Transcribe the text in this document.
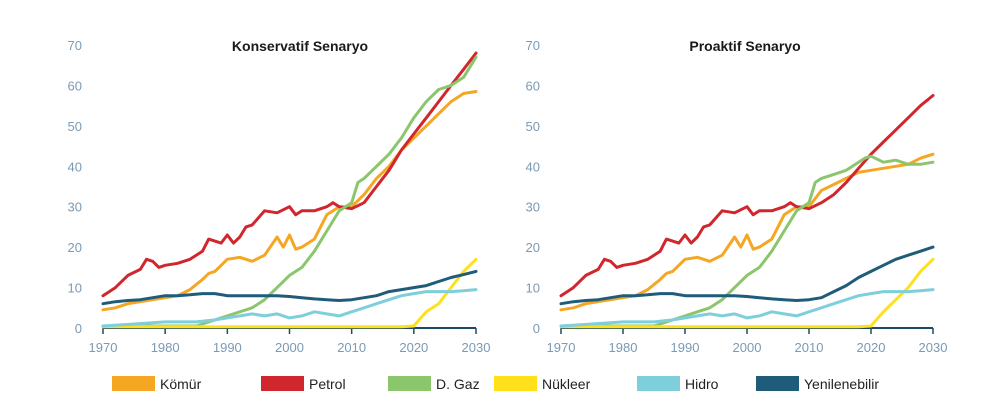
Konservatif Senaryo
0
10
20
30
40
50
60
70
1970	1980	1990	2000	2010	2020	2030
Proaktif Senaryo
0
10
20
30
40
50
60
70
1970	1980	1990	2000	2010	2020	2030
Kömür	Petrol	D. Gaz	Nükleer	Hidro	Yenilenebilir
